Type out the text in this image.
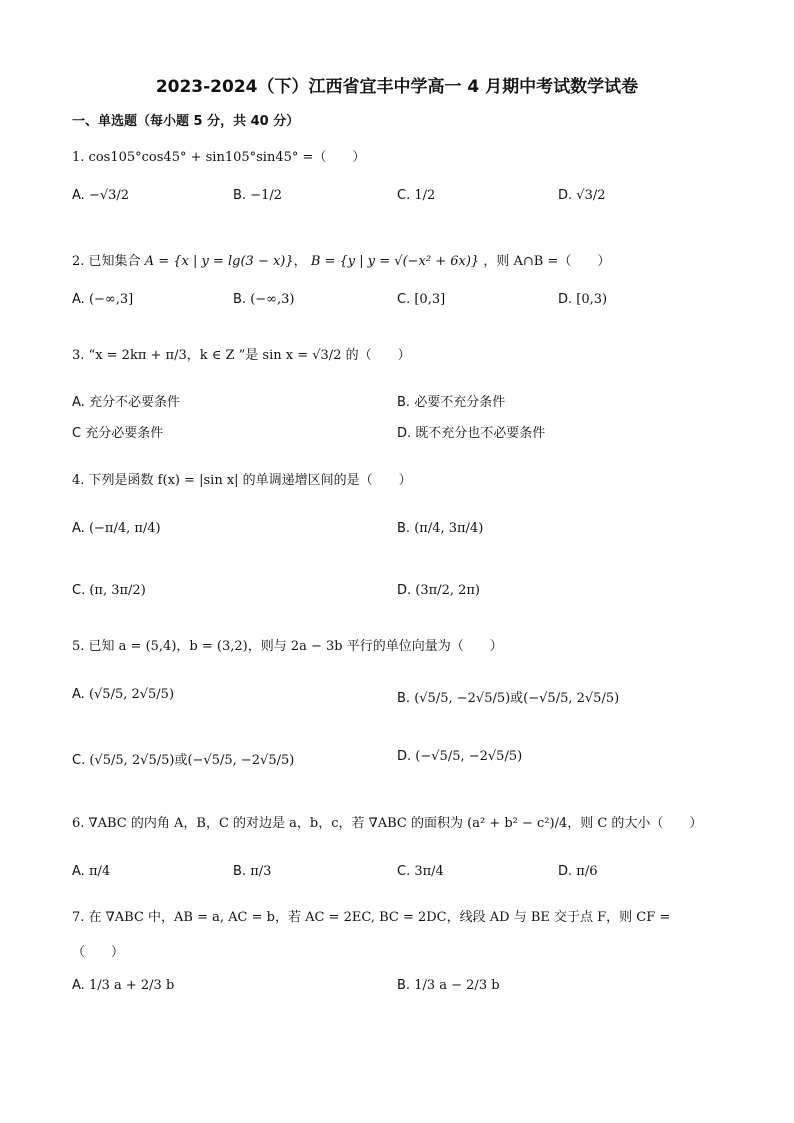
2023-2024（下）江西省宜丰中学高一 4 月期中考试数学试卷
一、单选题（每小题 5 分，共 40 分）
1. cos105°cos45° + sin105°sin45° =（　　）
A. −√3/2	B. −1/2	C. 1/2	D. √3/2
2. 已知集合 A = {x | y = lg(3 − x)}， B = {y | y = √(−x² + 6x)} ，则 A∩B =（　　）
A. (−∞,3]	B. (−∞,3)	C. [0,3]	D. [0,3)
3. “x = 2kπ + π/3，k ∈ Z ”是 sin x = √3/2 的（　　）
A. 充分不必要条件	B. 必要不充分条件
C 充分必要条件	D. 既不充分也不必要条件
4. 下列是函数 f(x) = |sin x| 的单调递增区间的是（　　）
A. (−π/4, π/4)	B. (π/4, 3π/4)
C. (π, 3π/2)	D. (3π/2, 2π)
5. 已知 a = (5,4)，b = (3,2)，则与 2a − 3b 平行的单位向量为（　　）
A. (√5/5, 2√5/5)	B. (√5/5, −2√5/5)或(−√5/5, 2√5/5)
C. (√5/5, 2√5/5)或(−√5/5, −2√5/5)	D. (−√5/5, −2√5/5)
6. ∇ABC 的内角 A，B，C 的对边是 a，b，c，若 ∇ABC 的面积为 (a² + b² − c²)/4，则 C 的大小（　　）
A. π/4	B. π/3	C. 3π/4	D. π/6
7. 在 ∇ABC 中，AB = a, AC = b，若 AC = 2EC, BC = 2DC，线段 AD 与 BE 交于点 F，则 CF =
（　　）
A. 1/3 a + 2/3 b	B. 1/3 a − 2/3 b
